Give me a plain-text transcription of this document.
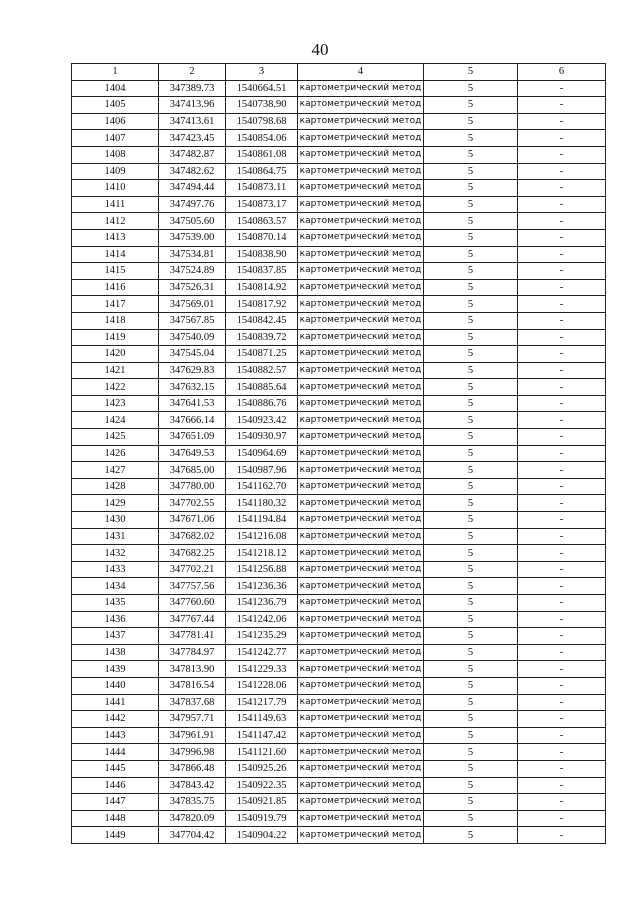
40
1	2	3	4	5	6
1404	347389.73	1540664.51	картометрический метод	5	-
1405	347413.96	1540738.90	картометрический метод	5	-
1406	347413.61	1540798.68	картометрический метод	5	-
1407	347423.45	1540854.06	картометрический метод	5	-
1408	347482.87	1540861.08	картометрический метод	5	-
1409	347482.62	1540864.75	картометрический метод	5	-
1410	347494.44	1540873.11	картометрический метод	5	-
1411	347497.76	1540873.17	картометрический метод	5	-
1412	347505.60	1540863.57	картометрический метод	5	-
1413	347539.00	1540870.14	картометрический метод	5	-
1414	347534.81	1540838.90	картометрический метод	5	-
1415	347524.89	1540837.85	картометрический метод	5	-
1416	347526.31	1540814.92	картометрический метод	5	-
1417	347569.01	1540817.92	картометрический метод	5	-
1418	347567.85	1540842.45	картометрический метод	5	-
1419	347540.09	1540839.72	картометрический метод	5	-
1420	347545.04	1540871.25	картометрический метод	5	-
1421	347629.83	1540882.57	картометрический метод	5	-
1422	347632.15	1540885.64	картометрический метод	5	-
1423	347641.53	1540886.76	картометрический метод	5	-
1424	347666.14	1540923.42	картометрический метод	5	-
1425	347651.09	1540930.97	картометрический метод	5	-
1426	347649.53	1540964.69	картометрический метод	5	-
1427	347685.00	1540987.96	картометрический метод	5	-
1428	347780.00	1541162.70	картометрический метод	5	-
1429	347702.55	1541180.32	картометрический метод	5	-
1430	347671.06	1541194.84	картометрический метод	5	-
1431	347682.02	1541216.08	картометрический метод	5	-
1432	347682.25	1541218.12	картометрический метод	5	-
1433	347702.21	1541256.88	картометрический метод	5	-
1434	347757.56	1541236.36	картометрический метод	5	-
1435	347760.60	1541236.79	картометрический метод	5	-
1436	347767.44	1541242.06	картометрический метод	5	-
1437	347781.41	1541235.29	картометрический метод	5	-
1438	347784.97	1541242.77	картометрический метод	5	-
1439	347813.90	1541229.33	картометрический метод	5	-
1440	347816.54	1541228.06	картометрический метод	5	-
1441	347837.68	1541217.79	картометрический метод	5	-
1442	347957.71	1541149.63	картометрический метод	5	-
1443	347961.91	1541147.42	картометрический метод	5	-
1444	347996.98	1541121.60	картометрический метод	5	-
1445	347866.48	1540925.26	картометрический метод	5	-
1446	347843.42	1540922.35	картометрический метод	5	-
1447	347835.75	1540921.85	картометрический метод	5	-
1448	347820.09	1540919.79	картометрический метод	5	-
1449	347704.42	1540904.22	картометрический метод	5	-
